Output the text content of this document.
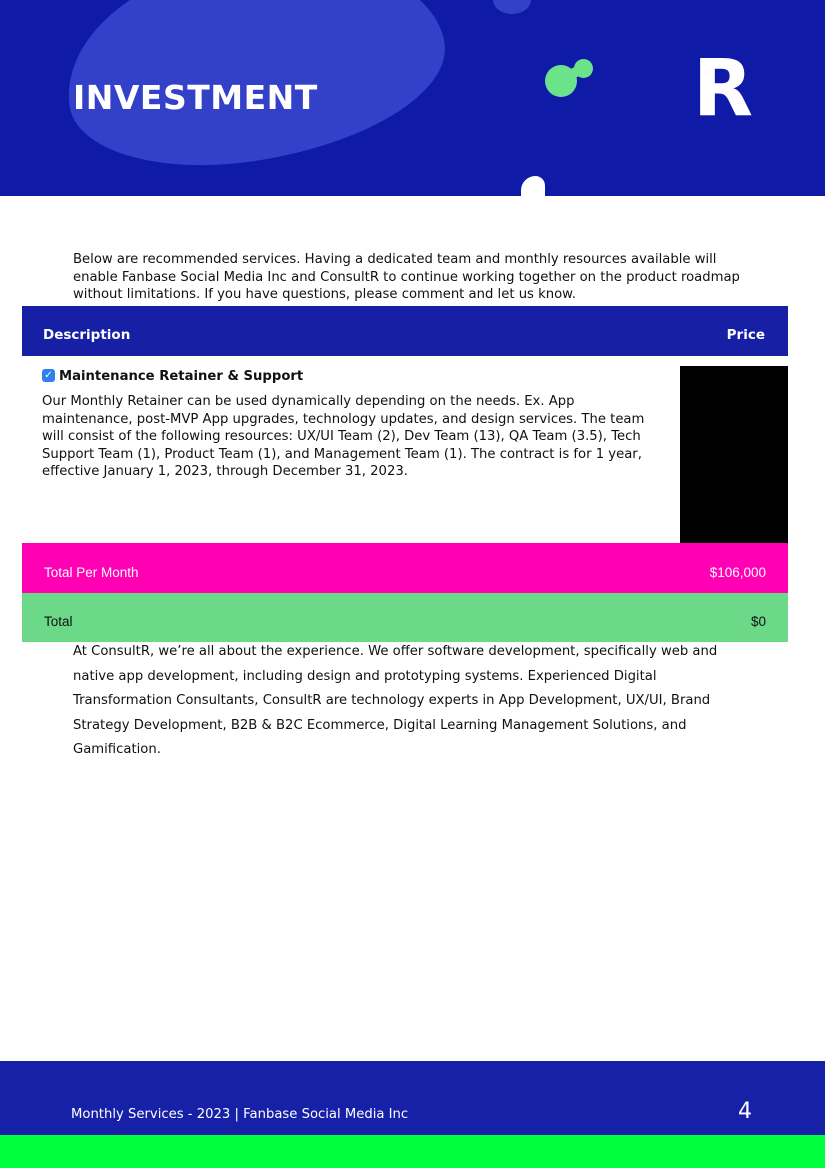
INVESTMENT	R

Below are recommended services. Having a dedicated team and monthly resources available will enable Fanbase Social Media Inc and ConsultR to continue working together on the product roadmap without limitations. If you have questions, please comment and let us know.

Description	Price
✓ Maintenance Retainer & Support

Our Monthly Retainer can be used dynamically depending on the needs. Ex. App maintenance, post-MVP App upgrades, technology updates, and design services. The team will consist of the following resources: UX/UI Team (2), Dev Team (13), QA Team (3.5), Tech Support Team (1), Product Team (1), and Management Team (1). The contract is for 1 year, effective January 1, 2023, through December 31, 2023.

Total Per Month	$106,000
Total	$0

At ConsultR, we’re all about the experience. We offer software development, specifically web and native app development, including design and prototyping systems. Experienced Digital Transformation Consultants, ConsultR are technology experts in App Development, UX/UI, Brand Strategy Development, B2B & B2C Ecommerce, Digital Learning Management Solutions, and Gamification.

Monthly Services - 2023 | Fanbase Social Media Inc	4
